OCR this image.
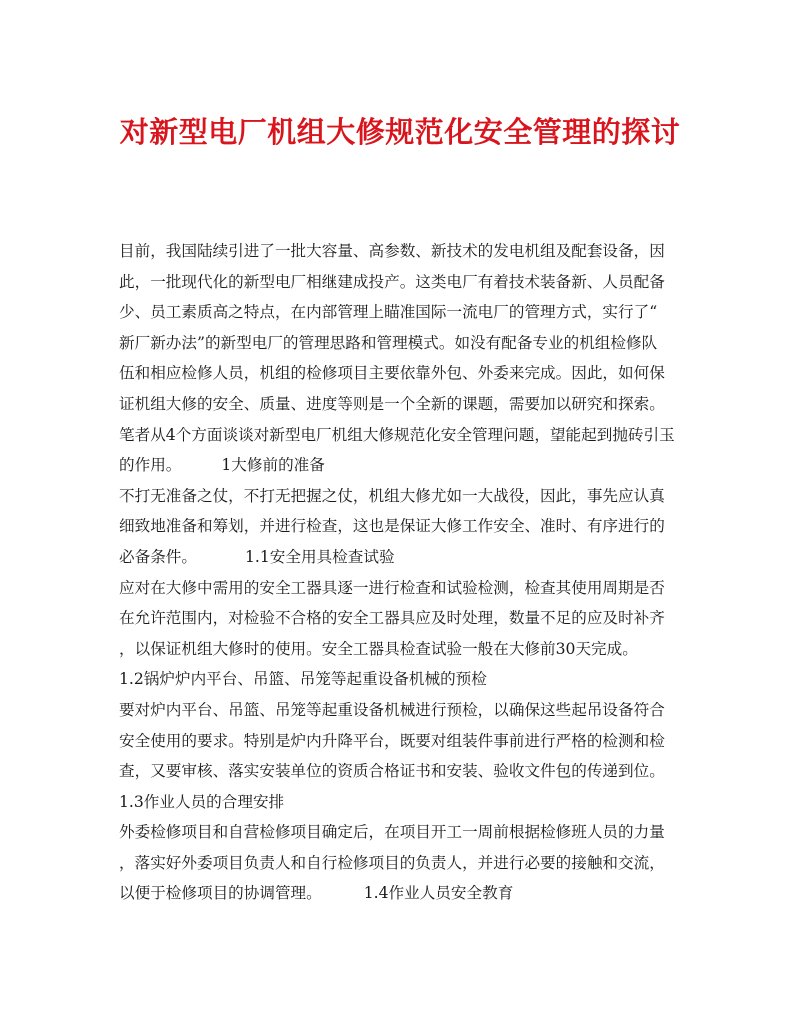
对新型电厂机组大修规范化安全管理的探讨
目前，我国陆续引进了一批大容量、高参数、新技术的发电机组及配套设备，因
此，一批现代化的新型电厂相继建成投产。这类电厂有着技术装备新、人员配备
少、员工素质高之特点，在内部管理上瞄准国际一流电厂的管理方式，实行了“
新厂新办法”的新型电厂的管理思路和管理模式。如没有配备专业的机组检修队
伍和相应检修人员，机组的检修项目主要依靠外包、外委来完成。因此，如何保
证机组大修的安全、质量、进度等则是一个全新的课题，需要加以研究和探索。
笔者从4个方面谈谈对新型电厂机组大修规范化安全管理问题，望能起到抛砖引玉
的作用。	1大修前的准备
不打无准备之仗，不打无把握之仗，机组大修尤如一大战役，因此，事先应认真
细致地准备和筹划，并进行检查，这也是保证大修工作安全、准时、有序进行的
必备条件。	1.1安全用具检查试验
应对在大修中需用的安全工器具逐一进行检查和试验检测，检查其使用周期是否
在允许范围内，对检验不合格的安全工器具应及时处理，数量不足的应及时补齐
，以保证机组大修时的使用。安全工器具检查试验一般在大修前30天完成。
1.2锅炉炉内平台、吊篮、吊笼等起重设备机械的预检
要对炉内平台、吊篮、吊笼等起重设备机械进行预检，以确保这些起吊设备符合
安全使用的要求。特别是炉内升降平台，既要对组装件事前进行严格的检测和检
查，又要审核、落实安装单位的资质合格证书和安装、验收文件包的传递到位。
1.3作业人员的合理安排
外委检修项目和自营检修项目确定后，在项目开工一周前根据检修班人员的力量
，落实好外委项目负责人和自行检修项目的负责人，并进行必要的接触和交流，
以便于检修项目的协调管理。	1.4作业人员安全教育
